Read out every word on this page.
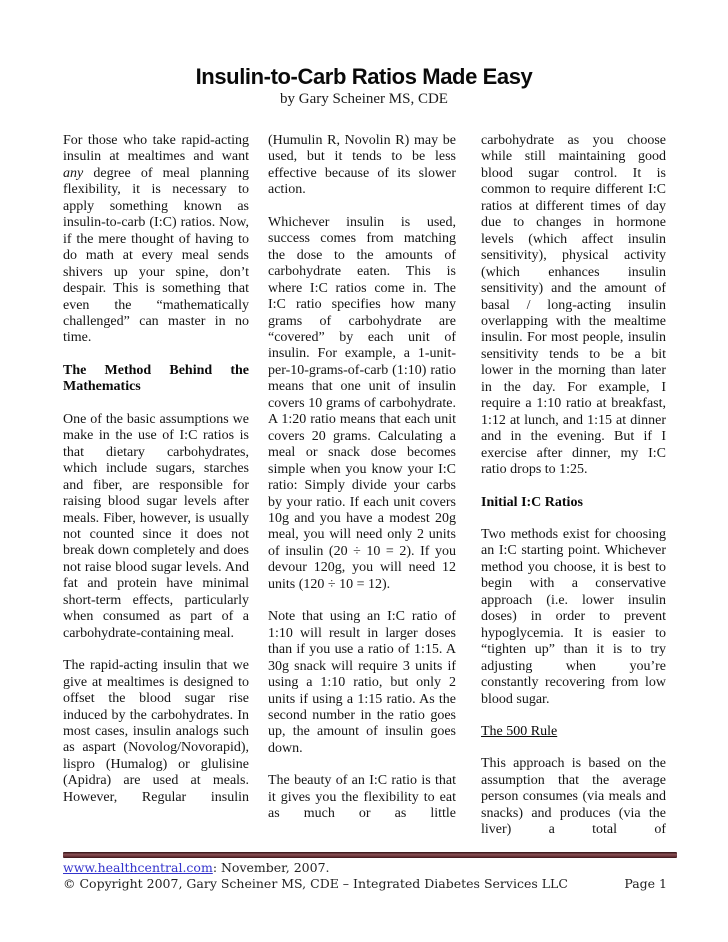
Insulin-to-Carb Ratios Made Easy
by Gary Scheiner MS, CDE

For those who take rapid-acting insulin at mealtimes and want any degree of meal planning flexibility, it is necessary to apply something known as insulin-to-carb (I:C) ratios. Now, if the mere thought of having to do math at every meal sends shivers up your spine, don’t despair. This is something that even the “mathematically challenged” can master in no time.

The Method Behind the Mathematics

One of the basic assumptions we make in the use of I:C ratios is that dietary carbohydrates, which include sugars, starches and fiber, are responsible for raising blood sugar levels after meals. Fiber, however, is usually not counted since it does not break down completely and does not raise blood sugar levels. And fat and protein have minimal short-term effects, particularly when consumed as part of a carbohydrate-containing meal.

The rapid-acting insulin that we give at mealtimes is designed to offset the blood sugar rise induced by the carbohydrates. In most cases, insulin analogs such as aspart (Novolog/Novorapid), lispro (Humalog) or glulisine (Apidra) are used at meals. However, Regular insulin

(Humulin R, Novolin R) may be used, but it tends to be less effective because of its slower action.

Whichever insulin is used, success comes from matching the dose to the amounts of carbohydrate eaten. This is where I:C ratios come in. The I:C ratio specifies how many grams of carbohydrate are “covered” by each unit of insulin. For example, a 1-unit-per-10-grams-of-carb (1:10) ratio means that one unit of insulin covers 10 grams of carbohydrate. A 1:20 ratio means that each unit covers 20 grams. Calculating a meal or snack dose becomes simple when you know your I:C ratio: Simply divide your carbs by your ratio. If each unit covers 10g and you have a modest 20g meal, you will need only 2 units of insulin (20 ÷ 10 = 2). If you devour 120g, you will need 12 units (120 ÷ 10 = 12).

Note that using an I:C ratio of 1:10 will result in larger doses than if you use a ratio of 1:15. A 30g snack will require 3 units if using a 1:10 ratio, but only 2 units if using a 1:15 ratio. As the second number in the ratio goes up, the amount of insulin goes down.

The beauty of an I:C ratio is that it gives you the flexibility to eat as much or as little

carbohydrate as you choose while still maintaining good blood sugar control. It is common to require different I:C ratios at different times of day due to changes in hormone levels (which affect insulin sensitivity), physical activity (which enhances insulin sensitivity) and the amount of basal / long-acting insulin overlapping with the mealtime insulin. For most people, insulin sensitivity tends to be a bit lower in the morning than later in the day. For example, I require a 1:10 ratio at breakfast, 1:12 at lunch, and 1:15 at dinner and in the evening. But if I exercise after dinner, my I:C ratio drops to 1:25.

Initial I:C Ratios

Two methods exist for choosing an I:C starting point. Whichever method you choose, it is best to begin with a conservative approach (i.e. lower insulin doses) in order to prevent hypoglycemia. It is easier to “tighten up” than it is to try adjusting when you’re constantly recovering from low blood sugar.

The 500 Rule

This approach is based on the assumption that the average person consumes (via meals and snacks) and produces (via the liver) a total of

www.healthcentral.com: November, 2007.
© Copyright 2007, Gary Scheiner MS, CDE – Integrated Diabetes Services LLC	Page 1
